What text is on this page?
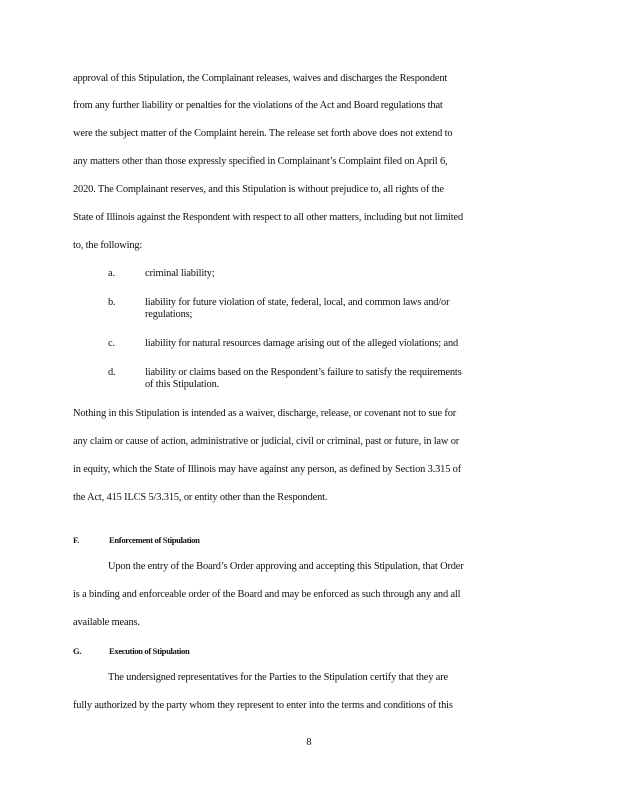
approval of this Stipulation, the Complainant releases, waives and discharges the Respondent
from any further liability or penalties for the violations of the Act and Board regulations that
were the subject matter of the Complaint herein. The release set forth above does not extend to
any matters other than those expressly specified in Complainant’s Complaint filed on April 6,
2020. The Complainant reserves, and this Stipulation is without prejudice to, all rights of the
State of Illinois against the Respondent with respect to all other matters, including but not limited
to, the following:
a.	criminal liability;
b.	liability for future violation of state, federal, local, and common laws and/or regulations;
c.	liability for natural resources damage arising out of the alleged violations; and
d.	liability or claims based on the Respondent’s failure to satisfy the requirements of this Stipulation.
Nothing in this Stipulation is intended as a waiver, discharge, release, or covenant not to sue for
any claim or cause of action, administrative or judicial, civil or criminal, past or future, in law or
in equity, which the State of Illinois may have against any person, as defined by Section 3.315 of
the Act, 415 ILCS 5/3.315, or entity other than the Respondent.
F.	Enforcement of Stipulation
Upon the entry of the Board’s Order approving and accepting this Stipulation, that Order
is a binding and enforceable order of the Board and may be enforced as such through any and all
available means.
G.	Execution of Stipulation
The undersigned representatives for the Parties to the Stipulation certify that they are
fully authorized by the party whom they represent to enter into the terms and conditions of this
8
